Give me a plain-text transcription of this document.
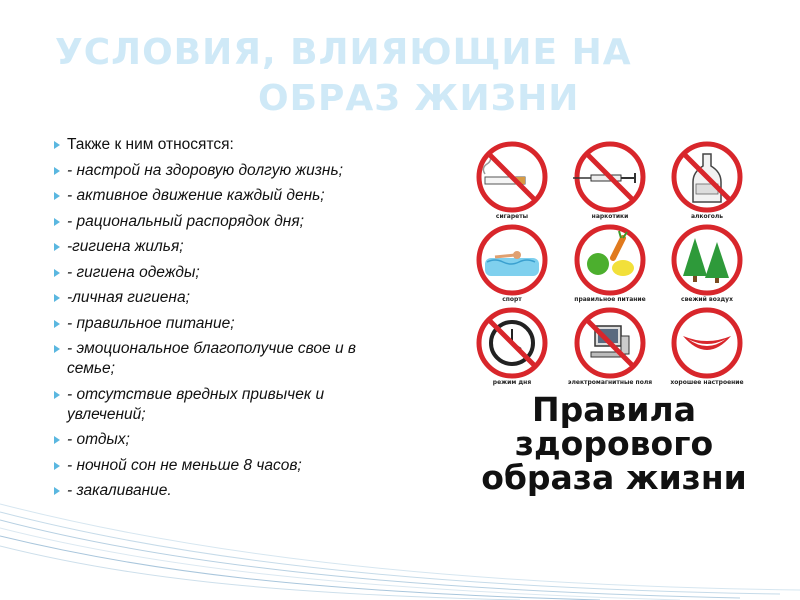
УСЛОВИЯ, ВЛИЯЮЩИЕ НА
ОБРАЗ ЖИЗНИ
Также к ним относятся:
- настрой на здоровую долгую жизнь;
- активное движение каждый день;
- рациональный распорядок дня;
-гигиена жилья;
- гигиена одежды;
-личная гигиена;
- правильное питание;
- эмоциональное благополучие свое и в семье;
- отсутствие вредных привычек и увлечений;
- отдых;
- ночной сон не меньше 8 часов;
- закаливание.
сигареты	наркотики	алкоголь
спорт	правильное питание	свежий воздух
режим дня	электромагнитные поля	хорошее настроение
Правила
здорового
образа жизни
